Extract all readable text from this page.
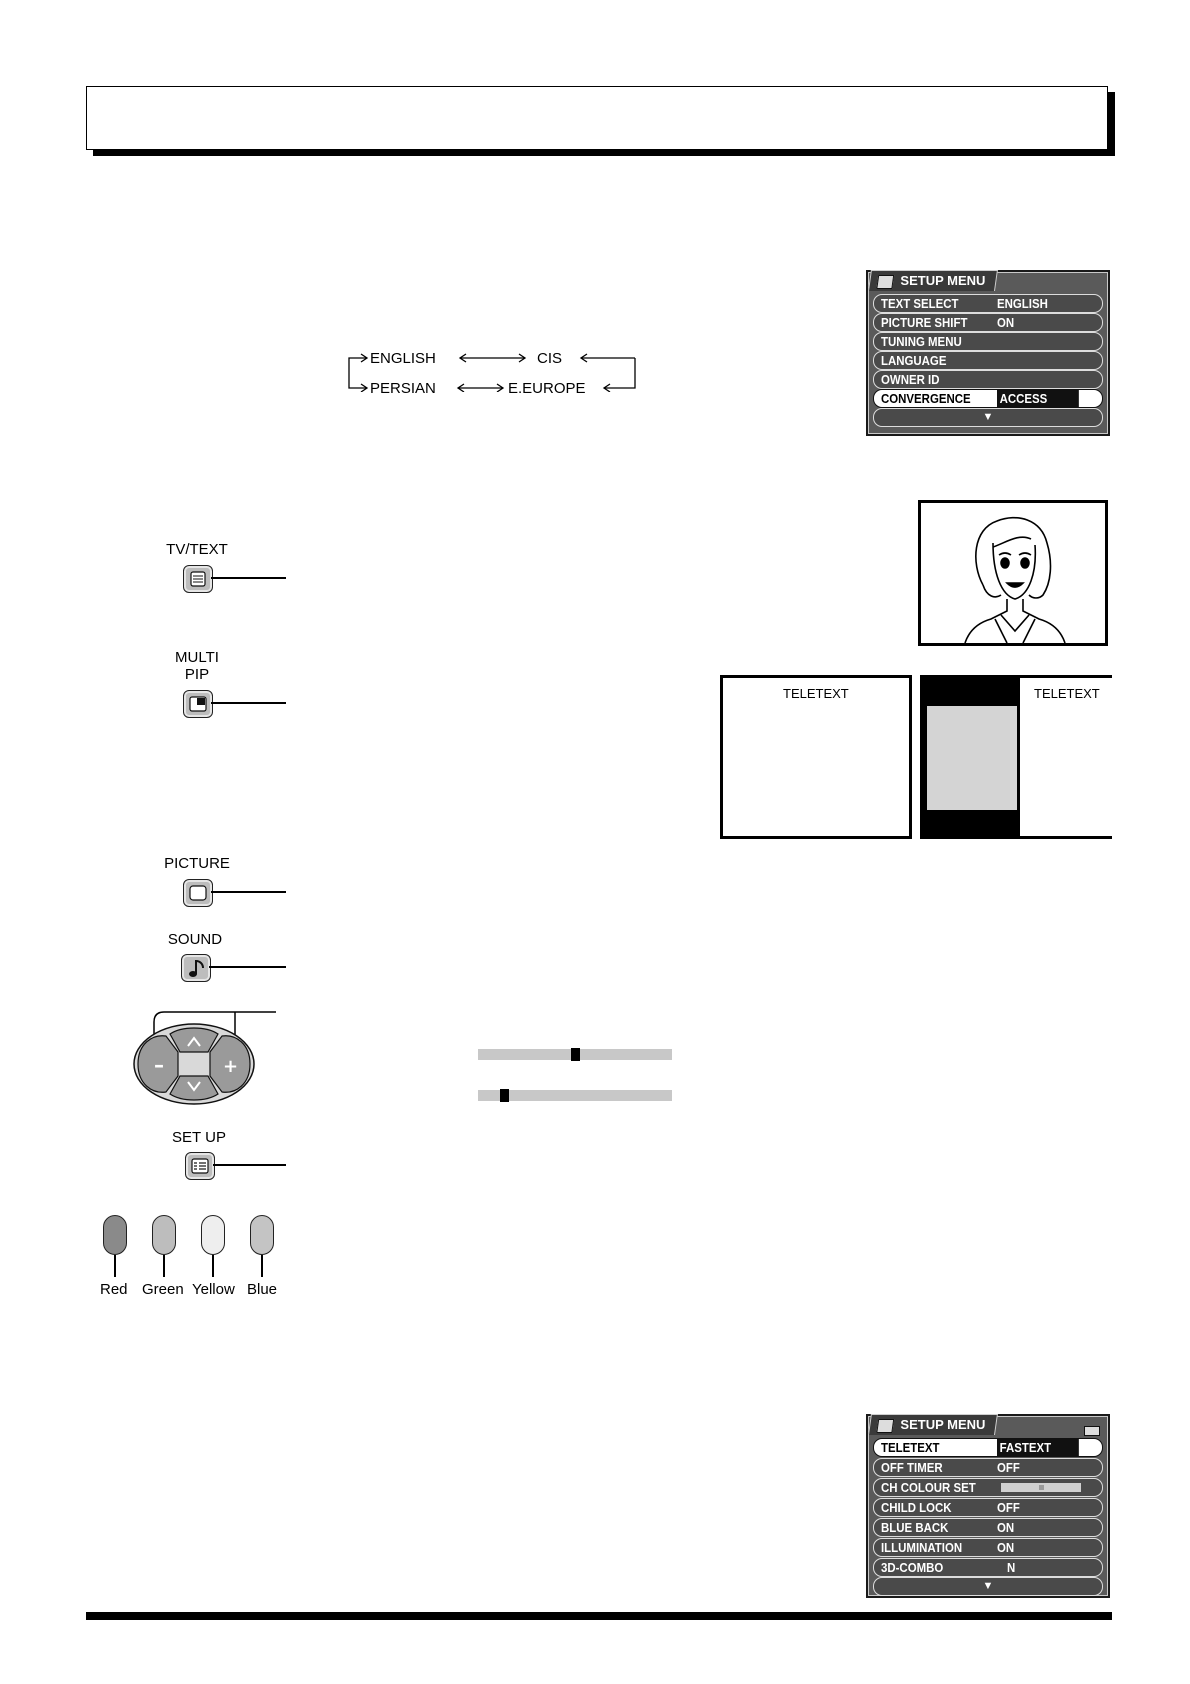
ENGLISH	CIS
PERSIAN	E.EUROPE
SETUP MENU
TEXT SELECT	ENGLISH
PICTURE SHIFT ON
TUNING MENU
LANGUAGE
OWNER ID
CONVERGENCE ACCESS
▼
TV/TEXT
MULTI
PIP
TELETEXT	TELETEXT
PICTURE
SOUND
–	+
SET UP
Red Green Yellow Blue
SETUP MENU
TELETEXT	FASTEXT
OFF TIMER	OFF
CH COLOUR SET
CHILD LOCK	OFF
BLUE BACK	ON
ILLUMINATION	ON
3D-COMBO	N
▼
